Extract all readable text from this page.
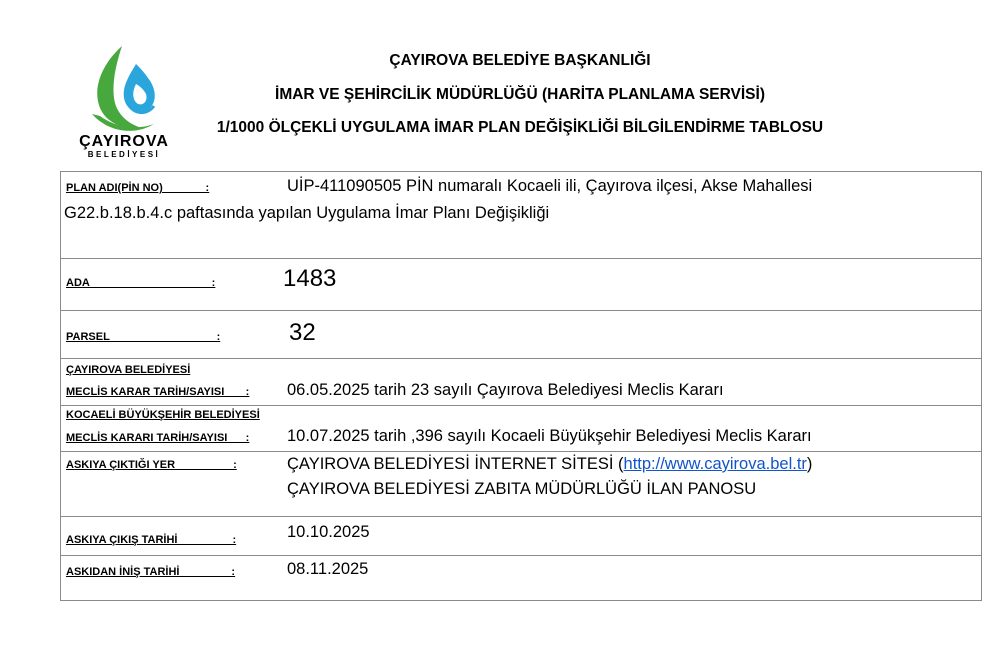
ÇAYIROVA
BELEDİYESİ
ÇAYIROVA BELEDİYE BAŞKANLIĞI
İMAR VE ŞEHİRCİLİK MÜDÜRLÜĞÜ (HARİTA PLANLAMA SERVİSİ)
1/1000 ÖLÇEKLİ UYGULAMA İMAR PLAN DEĞİŞİKLİĞİ BİLGİLENDİRME TABLOSU
PLAN ADI(PİN NO)              :	UİP-411090505 PİN numaralı Kocaeli ili, Çayırova ilçesi, Akse Mahallesi
G22.b.18.b.4.c paftasında yapılan Uygulama İmar Planı Değişikliği
ADA                                        :	1483
PARSEL                                   :	32
ÇAYIROVA BELEDİYESİ
MECLİS KARAR TARİH/SAYISI       : 06.05.2025 tarih 23 sayılı Çayırova Belediyesi Meclis Kararı
KOCAELİ BÜYÜKŞEHİR BELEDİYESİ
MECLİS KARARI TARİH/SAYISI      : 10.07.2025 tarih ,396 sayılı Kocaeli Büyükşehir Belediyesi Meclis Kararı
ASKIYA ÇIKTIĞI YER                   :	ÇAYIROVA BELEDİYESİ İNTERNET SİTESİ (http://www.cayirova.bel.tr)
ÇAYIROVA BELEDİYESİ ZABITA MÜDÜRLÜĞÜ İLAN PANOSU
ASKIYA ÇIKIŞ TARİHİ                  :	10.10.2025
ASKIDAN İNİŞ TARİHİ                 :	08.11.2025
